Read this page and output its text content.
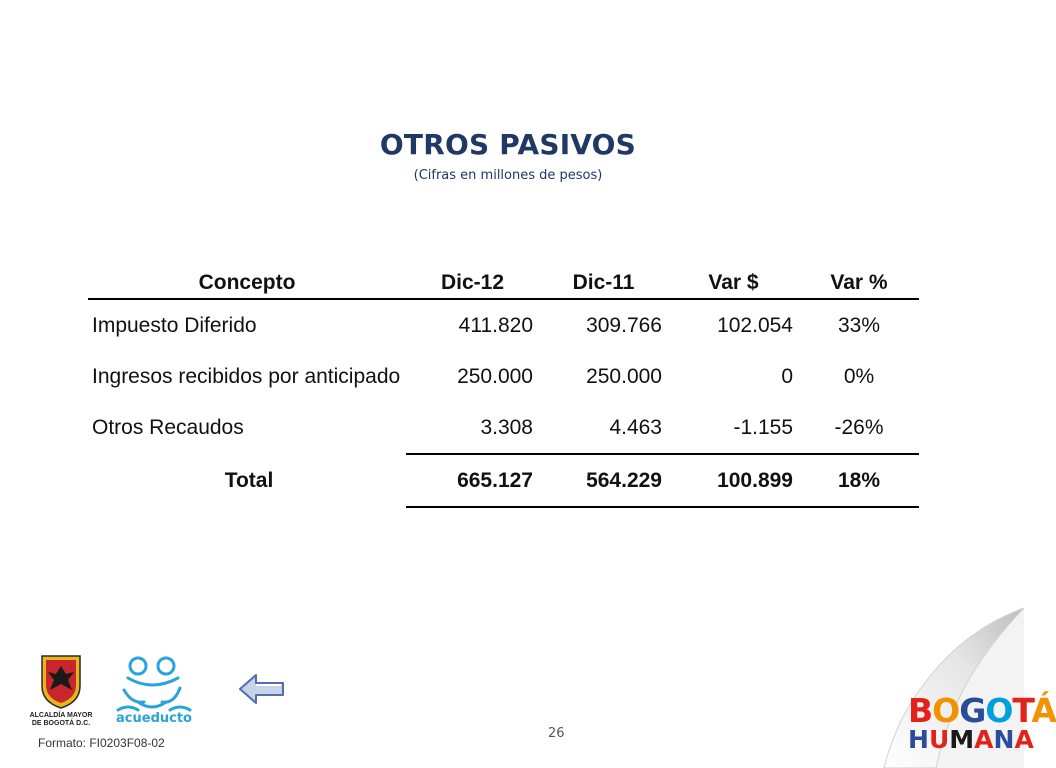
OTROS PASIVOS
(Cifras en millones de pesos)
Concepto	Dic-12	Dic-11	Var $	Var %
Impuesto Diferido	411.820	309.766	102.054	33%
Ingresos recibidos por anticipado	250.000	250.000	0	0%
Otros Recaudos	3.308	4.463	-1.155	-26%
Total	665.127	564.229	100.899	18%
ALCALDÍA MAYOR
DE BOGOTÁ D.C. acueducto
Formato: FI0203F08-02
26
BOGOTÁ
HUMANA
